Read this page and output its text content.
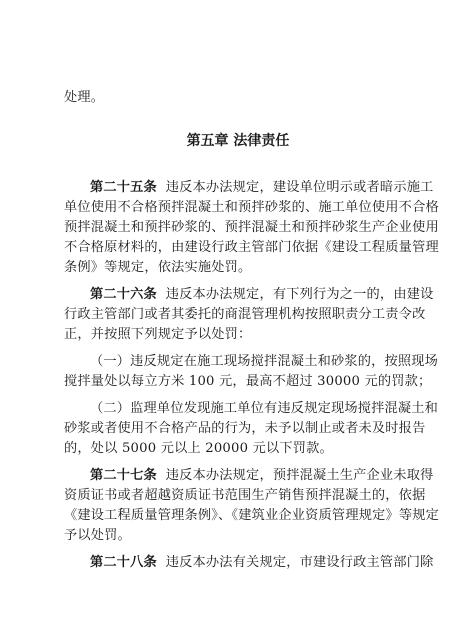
处理。
第五章 法律责任
第二十五条 违反本办法规定，建设单位明示或者暗示施工
单位使用不合格预拌混凝土和预拌砂浆的、施工单位使用不合格
预拌混凝土和预拌砂浆的、预拌混凝土和预拌砂浆生产企业使用
不合格原材料的，由建设行政主管部门依据《建设工程质量管理
条例》等规定，依法实施处罚。
第二十六条 违反本办法规定，有下列行为之一的，由建设
行政主管部门或者其委托的商混管理机构按照职责分工责令改
正，并按照下列规定予以处罚：
（一）违反规定在施工现场搅拌混凝土和砂浆的，按照现场
搅拌量处以每立方米 100 元，最高不超过 30000 元的罚款；
（二）监理单位发现施工单位有违反规定现场搅拌混凝土和
砂浆或者使用不合格产品的行为，未予以制止或者未及时报告
的，处以 5000 元以上 20000 元以下罚款。
第二十七条 违反本办法规定，预拌混凝土生产企业未取得
资质证书或者超越资质证书范围生产销售预拌混凝土的，依据
《建设工程质量管理条例》、《建筑业企业资质管理规定》等规定
予以处罚。
第二十八条 违反本办法有关规定，市建设行政主管部门除
